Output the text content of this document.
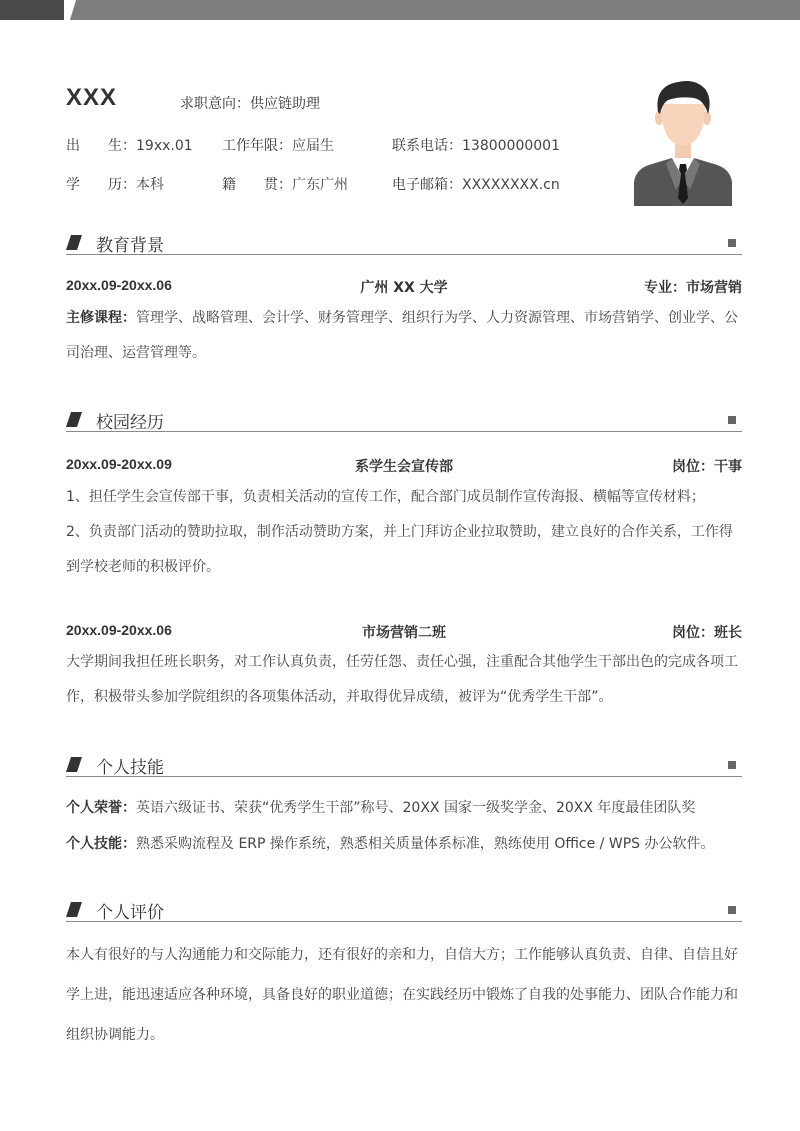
XXX	求职意向：供应链助理
出　　生：19xx.01 工作年限：应届生	联系电话：13800000001
学　　历：本科	籍　　贯：广东广州	电子邮箱：XXXXXXXX.cn
教育背景
20xx.09-20xx.06	广州 XX 大学	专业：市场营销
主修课程：管理学、战略管理、会计学、财务管理学、组织行为学、人力资源管理、市场营销学、创业学、公司治理、运营管理等。
校园经历
20xx.09-20xx.09	系学生会宣传部	岗位：干事
1、担任学生会宣传部干事，负责相关活动的宣传工作，配合部门成员制作宣传海报、横幅等宣传材料；
2、负责部门活动的赞助拉取，制作活动赞助方案，并上门拜访企业拉取赞助，建立良好的合作关系，工作得到学校老师的积极评价。
20xx.09-20xx.06	市场营销二班	岗位：班长
大学期间我担任班长职务，对工作认真负责，任劳任怨、责任心强，注重配合其他学生干部出色的完成各项工作，积极带头参加学院组织的各项集体活动，并取得优异成绩，被评为“优秀学生干部”。
个人技能
个人荣誉：英语六级证书、荣获“优秀学生干部”称号、20XX 国家一级奖学金、20XX 年度最佳团队奖
个人技能：熟悉采购流程及 ERP 操作系统，熟悉相关质量体系标准，熟练使用 Office / WPS 办公软件。
个人评价
本人有很好的与人沟通能力和交际能力，还有很好的亲和力，自信大方；工作能够认真负责、自律、自信且好学上进，能迅速适应各种环境，具备良好的职业道德；在实践经历中锻炼了自我的处事能力、团队合作能力和组织协调能力。
